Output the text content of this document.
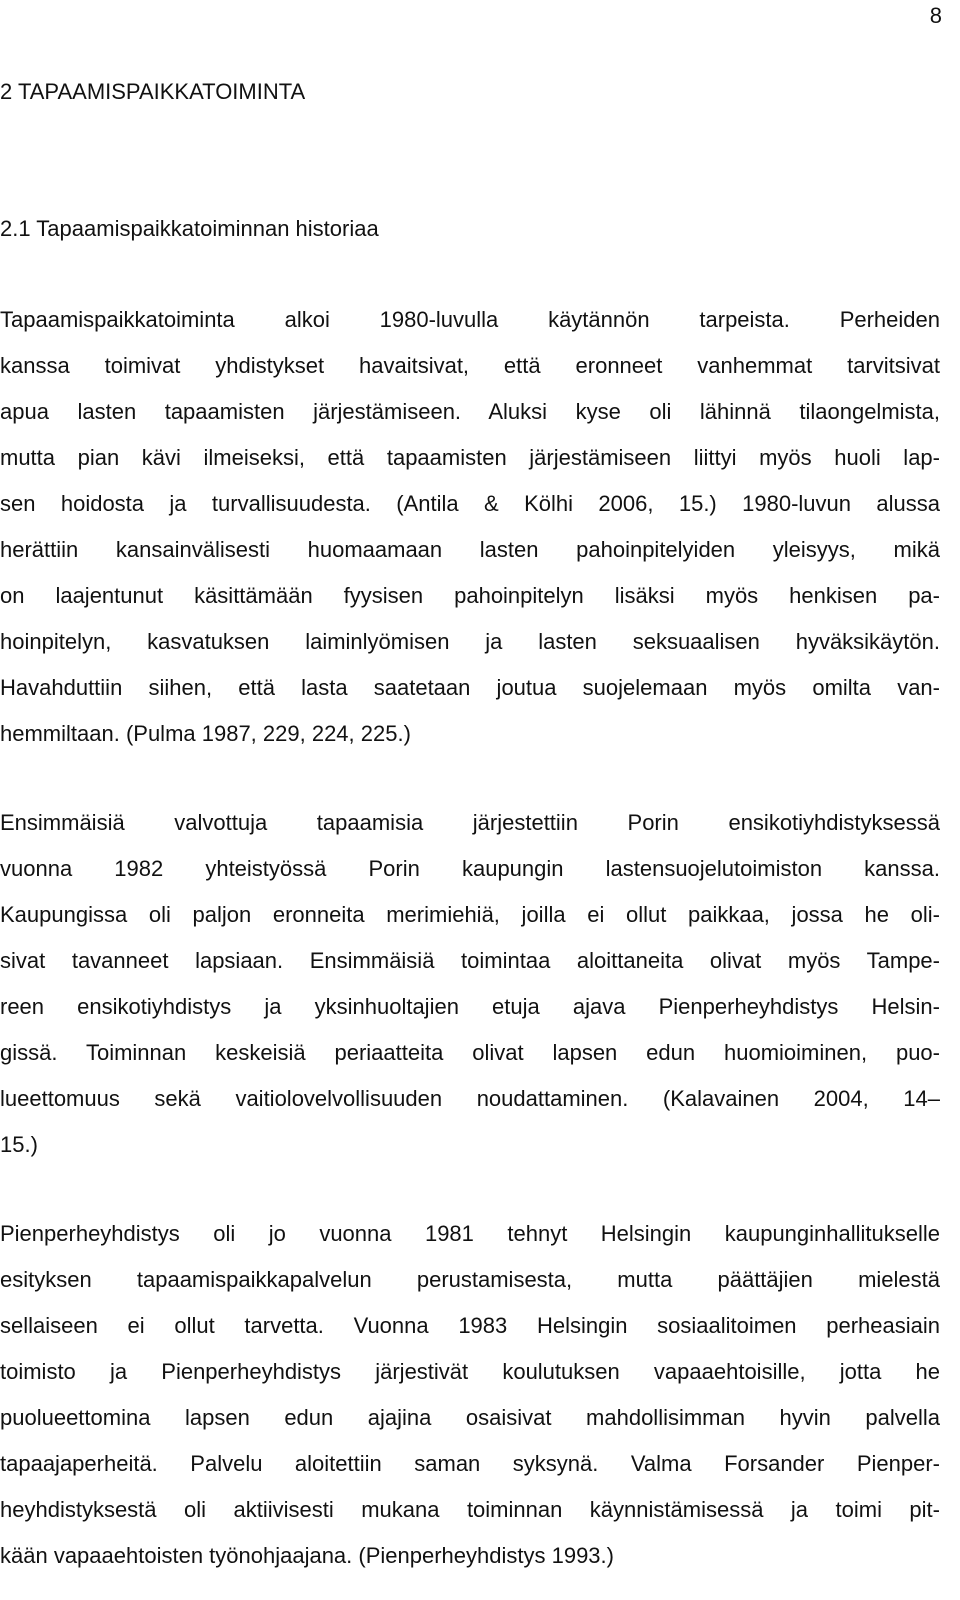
8
2 TAPAAMISPAIKKATOIMINTA
2.1 Tapaamispaikkatoiminnan historiaa
Tapaamispaikkatoiminta alkoi 1980-luvulla käytännön tarpeista. Perheiden
kanssa toimivat yhdistykset havaitsivat, että eronneet vanhemmat tarvitsivat
apua lasten tapaamisten järjestämiseen. Aluksi kyse oli lähinnä tilaongelmista,
mutta pian kävi ilmeiseksi, että tapaamisten järjestämiseen liittyi myös huoli lap-
sen hoidosta ja turvallisuudesta. (Antila & Kölhi 2006, 15.) 1980-luvun alussa
herättiin kansainvälisesti huomaamaan lasten pahoinpitelyiden yleisyys, mikä
on laajentunut käsittämään fyysisen pahoinpitelyn lisäksi myös henkisen pa-
hoinpitelyn, kasvatuksen laiminlyömisen ja lasten seksuaalisen hyväksikäytön.
Havahduttiin siihen, että lasta saatetaan joutua suojelemaan myös omilta van-
hemmiltaan. (Pulma 1987, 229, 224, 225.)
Ensimmäisiä valvottuja tapaamisia järjestettiin Porin ensikotiyhdistyksessä
vuonna 1982 yhteistyössä Porin kaupungin lastensuojelutoimiston kanssa.
Kaupungissa oli paljon eronneita merimiehiä, joilla ei ollut paikkaa, jossa he oli-
sivat tavanneet lapsiaan. Ensimmäisiä toimintaa aloittaneita olivat myös Tampe-
reen ensikotiyhdistys ja yksinhuoltajien etuja ajava Pienperheyhdistys Helsin-
gissä. Toiminnan keskeisiä periaatteita olivat lapsen edun huomioiminen, puo-
lueettomuus sekä vaitiolovelvollisuuden noudattaminen. (Kalavainen 2004, 14–
15.)
Pienperheyhdistys oli jo vuonna 1981 tehnyt Helsingin kaupunginhallitukselle
esityksen tapaamispaikkapalvelun perustamisesta, mutta päättäjien mielestä
sellaiseen ei ollut tarvetta. Vuonna 1983 Helsingin sosiaalitoimen perheasiain
toimisto ja Pienperheyhdistys järjestivät koulutuksen vapaaehtoisille, jotta he
puolueettomina lapsen edun ajajina osaisivat mahdollisimman hyvin palvella
tapaajaperheitä. Palvelu aloitettiin saman syksynä. Valma Forsander Pienper-
heyhdistyksestä oli aktiivisesti mukana toiminnan käynnistämisessä ja toimi pit-
kään vapaaehtoisten työnohjaajana. (Pienperheyhdistys 1993.)
